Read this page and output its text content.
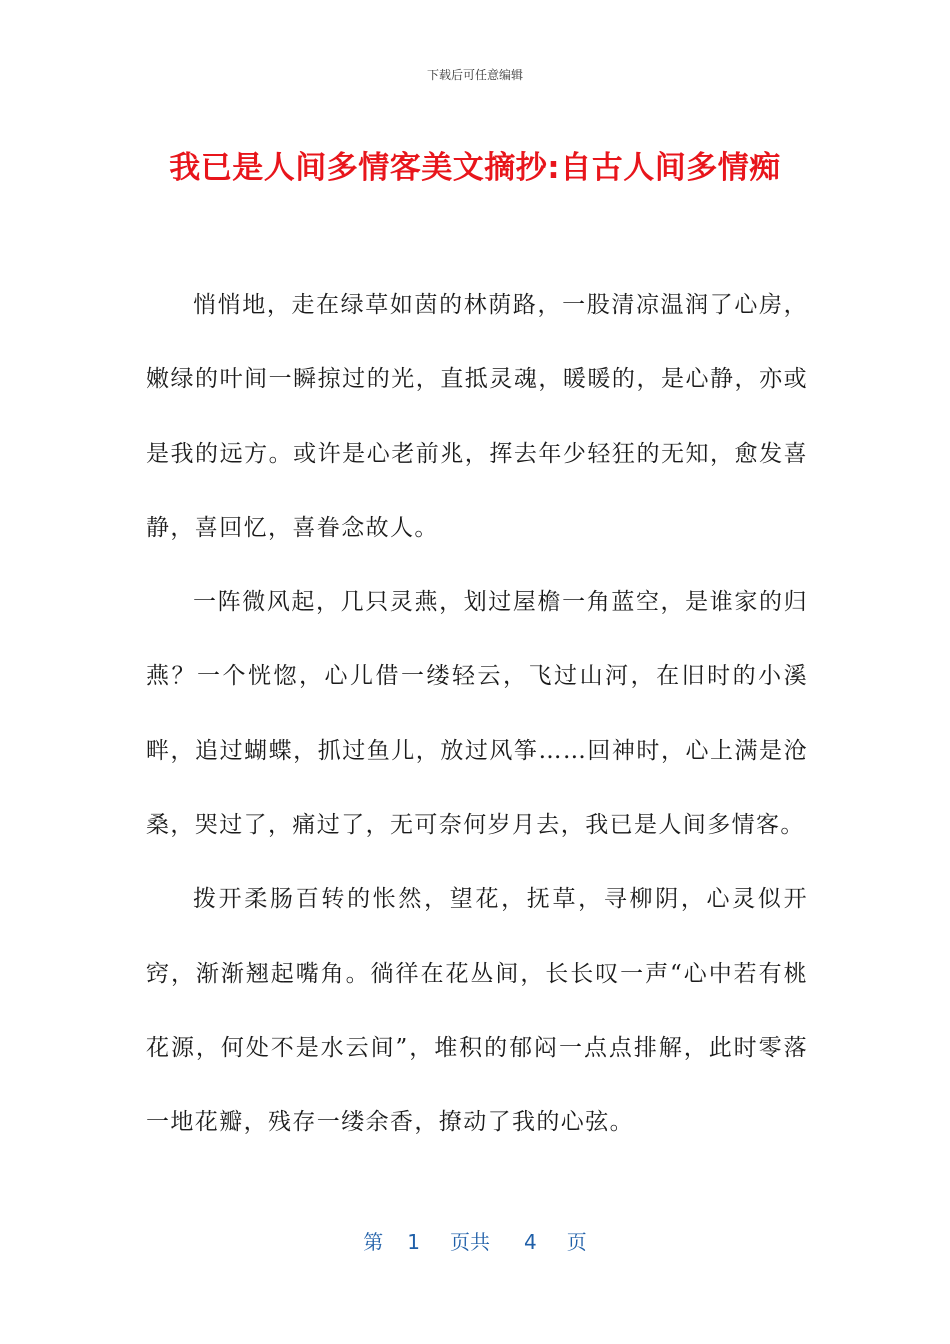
下载后可任意编辑
我已是人间多情客美文摘抄:自古人间多情痴

悄悄地，走在绿草如茵的林荫路，一股清凉温润了心房，嫩绿的叶间一瞬掠过的光，直抵灵魂，暖暖的，是心静，亦或是我的远方。或许是心老前兆，挥去年少轻狂的无知，愈发喜静，喜回忆，喜眷念故人。

一阵微风起，几只灵燕，划过屋檐一角蓝空，是谁家的归燕？一个恍惚，心儿借一缕轻云，飞过山河，在旧时的小溪畔，追过蝴蝶，抓过鱼儿，放过风筝……回神时，心上满是沧桑，哭过了，痛过了，无可奈何岁月去，我已是人间多情客。

拨开柔肠百转的怅然，望花，抚草，寻柳阴，心灵似开窍，渐渐翘起嘴角。徜徉在花丛间，长长叹一声“心中若有桃花源，何处不是水云间”，堆积的郁闷一点点排解，此时零落一地花瓣，残存一缕余香，撩动了我的心弦。

第 1 页共 4 页
